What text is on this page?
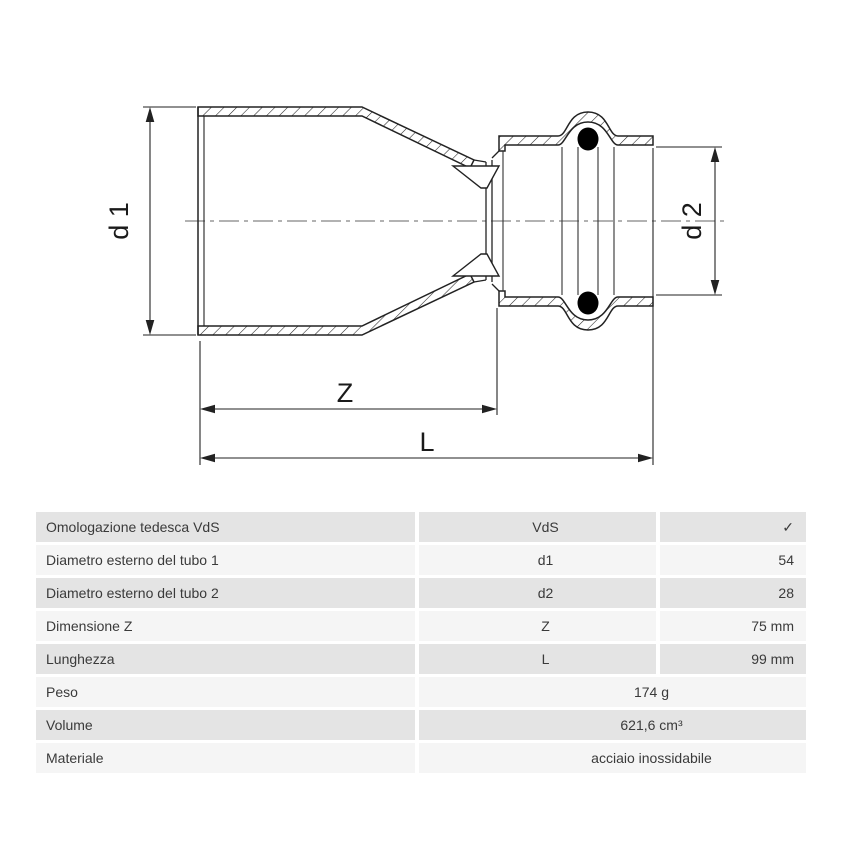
d 1	d 2
Z
L
Omologazione tedesca VdS	VdS	✓
Diametro esterno del tubo 1	d1	54
Diametro esterno del tubo 2	d2	28
Dimensione Z	Z	75 mm
Lunghezza	L	99 mm
Peso	174 g
Volume	621,6 cm³
Materiale	acciaio inossidabile
